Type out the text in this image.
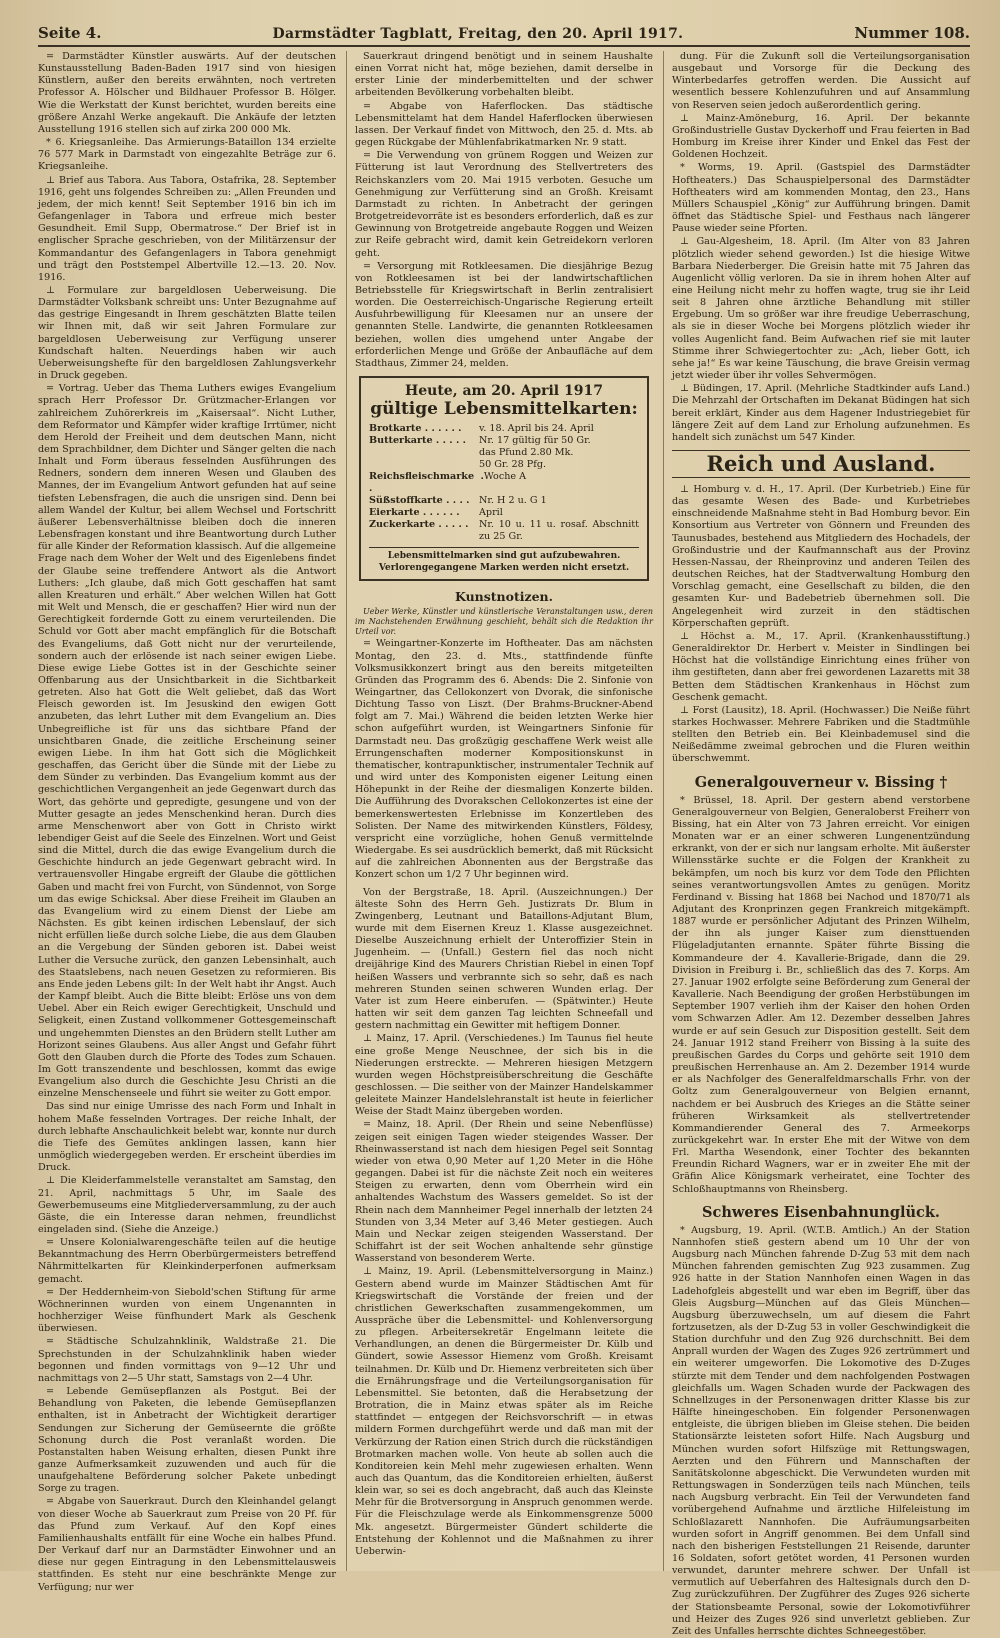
Seite 4.	Darmstädter Tagblatt, Freitag, den 20. April 1917.	Nummer 108.

= Darmstädter Künstler auswärts. Auf der deutschen Kunstausstellung Baden-Baden 1917 sind von hiesigen Künstlern, außer den bereits erwähnten, noch vertreten Professor A. Hölscher und Bildhauer Professor B. Hölger. Wie die Werkstatt der Kunst berichtet, wurden bereits eine größere Anzahl Werke angekauft. Die Ankäufe der letzten Ausstellung 1916 stellen sich auf zirka 200 000 Mk.

* 6. Kriegsanleihe. Das Armierungs-Bataillon 134 erzielte 76 577 Mark in Darmstadt von eingezahlte Beträge zur 6. Kriegsanleihe.

⊥ Brief aus Tabora. Aus Tabora, Ostafrika, 28. September 1916, geht uns folgendes Schreiben zu: „Allen Freunden und jedem, der mich kennt! Seit September 1916 bin ich im Gefangenlager in Tabora und erfreue mich bester Gesundheit. Emil Supp, Obermatrose.“ Der Brief ist in englischer Sprache geschrieben, von der Militärzensur der Kommandantur des Gefangenlagers in Tabora genehmigt und trägt den Poststempel Albertville 12.—13. 20. Nov. 1916.

⊥ Formulare zur bargeldlosen Ueberweisung. Die Darmstädter Volksbank schreibt uns: Unter Bezugnahme auf das gestrige Eingesandt in Ihrem geschätzten Blatte teilen wir Ihnen mit, daß wir seit Jahren Formulare zur bargeldlosen Ueberweisung zur Verfügung unserer Kundschaft halten. Neuerdings haben wir auch Ueberweisungshefte für den bargeldlosen Zahlungsverkehr in Druck gegeben.

= Vortrag. Ueber das Thema Luthers ewiges Evangelium sprach Herr Professor Dr. Grützmacher-Erlangen vor zahlreichem Zuhörerkreis im „Kaisersaal“. Nicht Luther, dem Reformator und Kämpfer wider kraftige Irrtümer, nicht dem Herold der Freiheit und dem deutschen Mann, nicht dem Sprachbildner, dem Dichter und Sänger gelten die nach Inhalt und Form überaus fesselnden Ausführungen des Redners, sondern dem inneren Wesen und Glauben des Mannes, der im Evangelium Antwort gefunden hat auf seine tiefsten Lebensfragen, die auch die unsrigen sind. Denn bei allem Wandel der Kultur, bei allem Wechsel und Fortschritt äußerer Lebensverhältnisse bleiben doch die inneren Lebensfragen konstant und ihre Beantwortung durch Luther für alle Kinder der Reformation klassisch. Auf die allgemeine Frage nach dem Woher der Welt und des Eigenlebens findet der Glaube seine treffendere Antwort als die Antwort Luthers: „Ich glaube, daß mich Gott geschaffen hat samt allen Kreaturen und erhält.“ Aber welchen Willen hat Gott mit Welt und Mensch, die er geschaffen? Hier wird nun der Gerechtigkeit fordernde Gott zu einem verurteilenden. Die Schuld vor Gott aber macht empfänglich für die Botschaft des Evangeliums, daß Gott nicht nur der verurteilende, sondern auch der erlösende ist nach seiner ewigen Liebe. Diese ewige Liebe Gottes ist in der Geschichte seiner Offenbarung aus der Unsichtbarkeit in die Sichtbarkeit getreten. Also hat Gott die Welt geliebet, daß das Wort Fleisch geworden ist. Im Jesuskind den ewigen Gott anzubeten, das lehrt Luther mit dem Evangelium an. Dies Unbegreifliche ist für uns das sichtbare Pfand der unsichtbaren Gnade, die zeitliche Erscheinung seiner ewigen Liebe. In ihm hat Gott sich die Möglichkeit geschaffen, das Gericht über die Sünde mit der Liebe zu dem Sünder zu verbinden. Das Evangelium kommt aus der geschichtlichen Vergangenheit an jede Gegenwart durch das Wort, das gehörte und gepredigte, gesungene und von der Mutter gesagte an jedes Menschenkind heran. Durch dies arme Menschenwort aber von Gott in Christo wirkt lebendiger Geist auf die Seele des Einzelnen. Wort und Geist sind die Mittel, durch die das ewige Evangelium durch die Geschichte hindurch an jede Gegenwart gebracht wird. In vertrauensvoller Hingabe ergreift der Glaube die göttlichen Gaben und macht frei von Furcht, von Sündennot, von Sorge um das ewige Schicksal. Aber diese Freiheit im Glauben an das Evangelium wird zu einem Dienst der Liebe am Nächsten. Es gibt keinen irdischen Lebenslauf, der sich nicht erfüllen ließe durch solche Liebe, die aus dem Glauben an die Vergebung der Sünden geboren ist. Dabei weist Luther die Versuche zurück, den ganzen Lebensinhalt, auch des Staatslebens, nach neuen Gesetzen zu reformieren. Bis ans Ende jeden Lebens gilt: In der Welt habt ihr Angst. Auch der Kampf bleibt. Auch die Bitte bleibt: Erlöse uns von dem Uebel. Aber ein Reich ewiger Gerechtigkeit, Unschuld und Seligkeit, einen Zustand vollkommener Gottesgemeinschaft und ungehemmten Dienstes an den Brüdern stellt Luther am Horizont seines Glaubens. Aus aller Angst und Gefahr führt Gott den Glauben durch die Pforte des Todes zum Schauen. Im Gott transzendente und beschlossen, kommt das ewige Evangelium also durch die Geschichte Jesu Christi an die einzelne Menschenseele und führt sie weiter zu Gott empor.

Das sind nur einige Umrisse des nach Form und Inhalt in hohem Maße fesselnden Vortrages. Der reiche Inhalt, der durch lebhafte Anschaulichkeit belebt war, konnte nur durch die Tiefe des Gemütes anklingen lassen, kann hier unmöglich wiedergegeben werden. Er erscheint überdies im Druck.

⊥ Die Kleiderfammelstelle veranstaltet am Samstag, den 21. April, nachmittags 5 Uhr, im Saale des Gewerbemuseums eine Mitgliederversammlung, zu der auch Gäste, die ein Interesse daran nehmen, freundlichst eingeladen sind. (Siehe die Anzeige.)

= Unsere Kolonialwarengeschäfte teilen auf die heutige Bekanntmachung des Herrn Oberbürgermeisters betreffend Nährmittelkarten für Kleinkinderperfonen aufmerksam gemacht.

= Der Heddernheim-von Siebold'schen Stiftung für arme Wöchnerinnen wurden von einem Ungenannten in hochherziger Weise fünfhundert Mark als Geschenk überwiesen.

= Städtische Schulzahnklinik, Waldstraße 21. Die Sprechstunden in der Schulzahnklinik haben wieder begonnen und finden vormittags von 9—12 Uhr und nachmittags von 2—5 Uhr statt, Samstags von 2—4 Uhr.

= Lebende Gemüsepflanzen als Postgut. Bei der Behandlung von Paketen, die lebende Gemüsepflanzen enthalten, ist in Anbetracht der Wichtigkeit derartiger Sendungen zur Sicherung der Gemüseernte die größte Schonung durch die Post veranlaßt worden. Die Postanstalten haben Weisung erhalten, diesen Punkt ihre ganze Aufmerksamkeit zuzuwenden und auch für die unaufgehaltene Beförderung solcher Pakete unbedingt Sorge zu tragen.

= Abgabe von Sauerkraut. Durch den Kleinhandel gelangt von dieser Woche ab Sauerkraut zum Preise von 20 Pf. für das Pfund zum Verkauf. Auf den Kopf eines Familienhaushalts entfällt für eine Woche ein halbes Pfund. Der Verkauf darf nur an Darmstädter Einwohner und an diese nur gegen Eintragung in den Lebensmittelausweis stattfinden. Es steht nur eine beschränkte Menge zur Verfügung; nur wer

Sauerkraut dringend benötigt und in seinem Haushalte einen Vorrat nicht hat, möge beziehen, damit derselbe in erster Linie der minderbemittelten und der schwer arbeitenden Bevölkerung vorbehalten bleibt.

= Abgabe von Haferflocken. Das städtische Lebensmittelamt hat dem Handel Haferflocken überwiesen lassen. Der Verkauf findet von Mittwoch, den 25. d. Mts. ab gegen Rückgabe der Mühlenfabrikatmarken Nr. 9 statt.

= Die Verwendung von grünem Roggen und Weizen zur Fütterung ist laut Verordnung des Stellvertreters des Reichskanzlers vom 20. Mai 1915 verboten. Gesuche um Genehmigung zur Verfütterung sind an Großh. Kreisamt Darmstadt zu richten. In Anbetracht der geringen Brotgetreidevorräte ist es besonders erforderlich, daß es zur Gewinnung von Brotgetreide angebaute Roggen und Weizen zur Reife gebracht wird, damit kein Getreidekorn verloren geht.

= Versorgung mit Rotkleesamen. Die diesjährige Bezug von Rotkleesamen ist bei der landwirtschaftlichen Betriebsstelle für Kriegswirtschaft in Berlin zentralisiert worden. Die Oesterreichisch-Ungarische Regierung erteilt Ausfuhrbewilligung für Kleesamen nur an unsere der genannten Stelle. Landwirte, die genannten Rotkleesamen beziehen, wollen dies umgehend unter Angabe der erforderlichen Menge und Größe der Anbaufläche auf dem Stadthaus, Zimmer 24, melden.

Heute, am 20. April 1917
gültige Lebensmittelkarten:
Brotkarte . . . . . . v. 18. April bis 24. April
Butterkarte . . . . . Nr. 17 gültig für 50 Gr.
das Pfund 2.80 Mk.
50 Gr. 28 Pfg.
Reichsfleischmarke . .
Woche A
Süßstoffkarte . . . . Nr. H 2 u. G 1
Eierkarte . . . . . . April
Zuckerkarte . . . . . Nr. 10 u. 11 u. rosaf. Abschnitt zu 25 Gr.
Lebensmittelmarken sind gut aufzubewahren.
Verlorengegangene Marken werden nicht ersetzt.
Kunstnotizen.

Ueber Werke, Künstler und künstlerische Veranstaltungen usw., deren im Nachstehenden Erwähnung geschieht, behält sich die Redaktion ihr Urteil vor.

= Weingartner-Konzerte im Hoftheater. Das am nächsten Montag, den 23. d. Mts., stattfindende fünfte Volksmusikkonzert bringt aus den bereits mitgeteilten Gründen das Programm des 6. Abends: Die 2. Sinfonie von Weingartner, das Cellokonzert von Dvorak, die sinfonische Dichtung Tasso von Liszt. (Der Brahms-Bruckner-Abend folgt am 7. Mai.) Während die beiden letzten Werke hier schon aufgeführt wurden, ist Weingartners Sinfonie für Darmstadt neu. Das großzügig geschaffene Werk weist alle Errungenschaften moderner Kompositionskunst in thematischer, kontrapunktischer, instrumentaler Technik auf und wird unter des Komponisten eigener Leitung einen Höhepunkt in der Reihe der diesmaligen Konzerte bilden. Die Aufführung des Dvorakschen Cellokonzertes ist eine der bemerkenswertesten Erlebnisse im Konzertleben des Solisten. Der Name des mitwirkenden Künstlers, Földesy, verspricht eine vorzügliche, hohen Genuß vermittelnde Wiedergabe. Es sei ausdrücklich bemerkt, daß mit Rücksicht auf die zahlreichen Abonnenten aus der Bergstraße das Konzert schon um 1/2 7 Uhr beginnen wird.

Von der Bergstraße, 18. April. (Auszeichnungen.) Der älteste Sohn des Herrn Geh. Justizrats Dr. Blum in Zwingenberg, Leutnant und Bataillons-Adjutant Blum, wurde mit dem Eisernen Kreuz 1. Klasse ausgezeichnet. Dieselbe Auszeichnung erhielt der Unteroffizier Stein in Jugenheim. — (Unfall.) Gestern fiel das noch nicht dreijährige Kind des Maurers Christian Riebel in einen Topf heißen Wassers und verbrannte sich so sehr, daß es nach mehreren Stunden seinen schweren Wunden erlag. Der Vater ist zum Heere einberufen. — (Spätwinter.) Heute hatten wir seit dem ganzen Tag leichten Schneefall und gestern nachmittag ein Gewitter mit heftigem Donner.

⊥ Mainz, 17. April. (Verschiedenes.) Im Taunus fiel heute eine große Menge Neuschnee, der sich bis in die Niederungen erstreckte. — Mehreren hiesigen Metzgern wurden wegen Höchstpreisüberschreitung die Geschäfte geschlossen. — Die seither von der Mainzer Handelskammer geleitete Mainzer Handelslehranstalt ist heute in feierlicher Weise der Stadt Mainz übergeben worden.

= Mainz, 18. April. (Der Rhein und seine Nebenflüsse) zeigen seit einigen Tagen wieder steigendes Wasser. Der Rheinwasserstand ist nach dem hiesigen Pegel seit Sonntag wieder von etwa 0,90 Meter auf 1,20 Meter in die Höhe gegangen. Dabei ist für die nächste Zeit noch ein weiteres Steigen zu erwarten, denn vom Oberrhein wird ein anhaltendes Wachstum des Wassers gemeldet. So ist der Rhein nach dem Mannheimer Pegel innerhalb der letzten 24 Stunden von 3,34 Meter auf 3,46 Meter gestiegen. Auch Main und Neckar zeigen steigenden Wasserstand. Der Schiffahrt ist der seit Wochen anhaltende sehr günstige Wasserstand von besonderem Werte.

⊥ Mainz, 19. April. (Lebensmittelversorgung in Mainz.) Gestern abend wurde im Mainzer Städtischen Amt für Kriegswirtschaft die Vorstände der freien und der christlichen Gewerkschaften zusammengekommen, um Ausspräche über die Lebensmittel- und Kohlenversorgung zu pflegen. Arbeitersekretär Engelmann leitete die Verhandlungen, an denen die Bürgermeister Dr. Külb und Gündert, sowie Assessor Hiemenz vom Großh. Kreisamt teilnahmen. Dr. Külb und Dr. Hiemenz verbreiteten sich über die Ernährungsfrage und die Verteilungsorganisation für Lebensmittel. Sie betonten, daß die Herabsetzung der Brotration, die in Mainz etwas später als im Reiche stattfindet — entgegen der Reichsvorschrift — in etwas mildern Formen durchgeführt werde und daß man mit der Verkürzung der Ration einen Strich durch die rückständigen Brotmarken machen wolle. Von heute ab sollen auch die Konditoreien kein Mehl mehr zugewiesen erhalten. Wenn auch das Quantum, das die Konditoreien erhielten, äußerst klein war, so sei es doch angebracht, daß auch das Kleinste Mehr für die Brotversorgung in Anspruch genommen werde. Für die Fleischzulage werde als Einkommensgrenze 5000 Mk. angesetzt. Bürgermeister Gündert schilderte die Entstehung der Kohlennot und die Maßnahmen zu ihrer Ueberwin-

dung. Für die Zukunft soll die Verteilungsorganisation ausgebaut und Vorsorge für die Deckung des Winterbedarfes getroffen werden. Die Aussicht auf wesentlich bessere Kohlenzufuhren und auf Ansammlung von Reserven seien jedoch außerordentlich gering.

⊥ Mainz-Amöneburg, 16. April. Der bekannte Großindustrielle Gustav Dyckerhoff und Frau feierten in Bad Homburg im Kreise ihrer Kinder und Enkel das Fest der Goldenen Hochzeit.

* Worms, 19. April. (Gastspiel des Darmstädter Hoftheaters.) Das Schauspielpersonal des Darmstädter Hoftheaters wird am kommenden Montag, den 23., Hans Müllers Schauspiel „König“ zur Aufführung bringen. Damit öffnet das Städtische Spiel- und Festhaus nach längerer Pause wieder seine Pforten.

⊥ Gau-Algesheim, 18. April. (Im Alter von 83 Jahren plötzlich wieder sehend geworden.) Ist die hiesige Witwe Barbara Niederberger. Die Greisin hatte mit 75 Jahren das Augenlicht völlig verloren. Da sie in ihrem hohen Alter auf eine Heilung nicht mehr zu hoffen wagte, trug sie ihr Leid seit 8 Jahren ohne ärztliche Behandlung mit stiller Ergebung. Um so größer war ihre freudige Ueberraschung, als sie in dieser Woche bei Morgens plötzlich wieder ihr volles Augenlicht fand. Beim Aufwachen rief sie mit lauter Stimme ihrer Schwiegertochter zu: „Ach, lieber Gott, ich sehe ja!“ Es war keine Täuschung, die brave Greisin vermag jetzt wieder über ihr volles Sehvermögen.

⊥ Büdingen, 17. April. (Mehrliche Stadtkinder aufs Land.) Die Mehrzahl der Ortschaften im Dekanat Büdingen hat sich bereit erklärt, Kinder aus dem Hagener Industriegebiet für längere Zeit auf dem Land zur Erholung aufzunehmen. Es handelt sich zunächst um 547 Kinder.

Reich und Ausland.

⊥ Homburg v. d. H., 17. April. (Der Kurbetrieb.) Eine für das gesamte Wesen des Bade- und Kurbetriebes einschneidende Maßnahme steht in Bad Homburg bevor. Ein Konsortium aus Vertreter von Gönnern und Freunden des Taunusbades, bestehend aus Mitgliedern des Hochadels, der Großindustrie und der Kaufmannschaft aus der Provinz Hessen-Nassau, der Rheinprovinz und anderen Teilen des deutschen Reiches, hat der Stadtverwaltung Homburg den Vorschlag gemacht, eine Gesellschaft zu bilden, die den gesamten Kur- und Badebetrieb übernehmen soll. Die Angelegenheit wird zurzeit in den städtischen Körperschaften geprüft.

⊥ Höchst a. M., 17. April. (Krankenhausstiftung.) Generaldirektor Dr. Herbert v. Meister in Sindlingen bei Höchst hat die vollständige Einrichtung eines früher von ihm gestifteten, dann aber frei gewordenen Lazaretts mit 38 Betten dem Städtischen Krankenhaus in Höchst zum Geschenk gemacht.

⊥ Forst (Lausitz), 18. April. (Hochwasser.) Die Neiße führt starkes Hochwasser. Mehrere Fabriken und die Stadtmühle stellten den Betrieb ein. Bei Kleinbademusel sind die Neißedämme zweimal gebrochen und die Fluren weithin überschwemmt.

Generalgouverneur v. Bissing †

* Brüssel, 18. April. Der gestern abend verstorbene Generalgouverneur von Belgien, Generaloberst Freiherr von Bissing, hat ein Alter von 73 Jahren erreicht. Vor einigen Monaten war er an einer schweren Lungenentzündung erkrankt, von der er sich nur langsam erholte. Mit äußerster Willensstärke suchte er die Folgen der Krankheit zu bekämpfen, um noch bis kurz vor dem Tode den Pflichten seines verantwortungsvollen Amtes zu genügen. Moritz Ferdinand v. Bissing hat 1868 bei Nachod und 1870/71 als Adjutant des Kronprinzen gegen Frankreich mitgekämpft. 1887 wurde er persönlicher Adjutant des Prinzen Wilhelm, der ihn als junger Kaiser zum diensttuenden Flügeladjutanten ernannte. Später führte Bissing die Kommandeure der 4. Kavallerie-Brigade, dann die 29. Division in Freiburg i. Br., schließlich das des 7. Korps. Am 27. Januar 1902 erfolgte seine Beförderung zum General der Kavallerie. Nach Beendigung der großen Herbstübungen im September 1907 verlieh ihm der Kaiser den hohen Orden vom Schwarzen Adler. Am 12. Dezember desselben Jahres wurde er auf sein Gesuch zur Disposition gestellt. Seit dem 24. Januar 1912 stand Freiherr von Bissing à la suite des preußischen Gardes du Corps und gehörte seit 1910 dem preußischen Herrenhause an. Am 2. Dezember 1914 wurde er als Nachfolger des Generalfeldmarschalls Frhr. von der Goltz zum Generalgouverneur von Belgien ernannt, nachdem er bei Ausbruch des Krieges an die Stätte seiner früheren Wirksamkeit als stellvertretender Kommandierender General des 7. Armeekorps zurückgekehrt war. In erster Ehe mit der Witwe von dem Frl. Martha Wesendonk, einer Tochter des bekannten Freundin Richard Wagners, war er in zweiter Ehe mit der Gräfin Alice Königsmark verheiratet, eine Tochter des Schloßhauptmanns von Rheinsberg.

Schweres Eisenbahnunglück.

* Augsburg, 19. April. (W.T.B. Amtlich.) An der Station Nannhofen stieß gestern abend um 10 Uhr der von Augsburg nach München fahrende D-Zug 53 mit dem nach München fahrenden gemischten Zug 923 zusammen. Zug 926 hatte in der Station Nannhofen einen Wagen in das Ladehofgleis abgestellt und war eben im Begriff, über das Gleis Augsburg—München auf das Gleis München—Augsburg überzuwechseln, um auf diesem die Fahrt fortzusetzen, als der D-Zug 53 in voller Geschwindigkeit die Station durchfuhr und den Zug 926 durchschnitt. Bei dem Anprall wurden der Wagen des Zuges 926 zertrümmert und ein weiterer umgeworfen. Die Lokomotive des D-Zuges stürzte mit dem Tender und dem nachfolgenden Postwagen gleichfalls um. Wagen Schaden wurde der Packwagen des Schnellzuges in der Personenwagen dritter Klasse bis zur Hälfte hineingeschoben. Ein folgender Personenwagen entgleiste, die übrigen blieben im Gleise stehen. Die beiden Stationsärzte leisteten sofort Hilfe. Nach Augsburg und München wurden sofort Hilfszüge mit Rettungswagen, Aerzten und den Führern und Mannschaften der Sanitätskolonne abgeschickt. Die Verwundeten wurden mit Rettungswagen in Sonderzügen teils nach München, teils nach Augsburg verbracht. Ein Teil der Verwundeten fand vorübergehend Aufnahme und ärztliche Hilfeleistung im Schloßlazarett Nannhofen. Die Aufräumungsarbeiten wurden sofort in Angriff genommen. Bei dem Unfall sind nach den bisherigen Feststellungen 21 Reisende, darunter 16 Soldaten, sofort getötet worden, 41 Personen wurden verwundet, darunter mehrere schwer. Der Unfall ist vermutlich auf Ueberfahren des Haltesignals durch den D-Zug zurückzuführen. Der Zugführer des Zuges 926 sicherte der Stationsbeamte Personal, sowie der Lokomotivführer und Heizer des Zuges 926 sind unverletzt geblieben. Zur Zeit des Unfalles herrschte dichtes Schneegestöber.
